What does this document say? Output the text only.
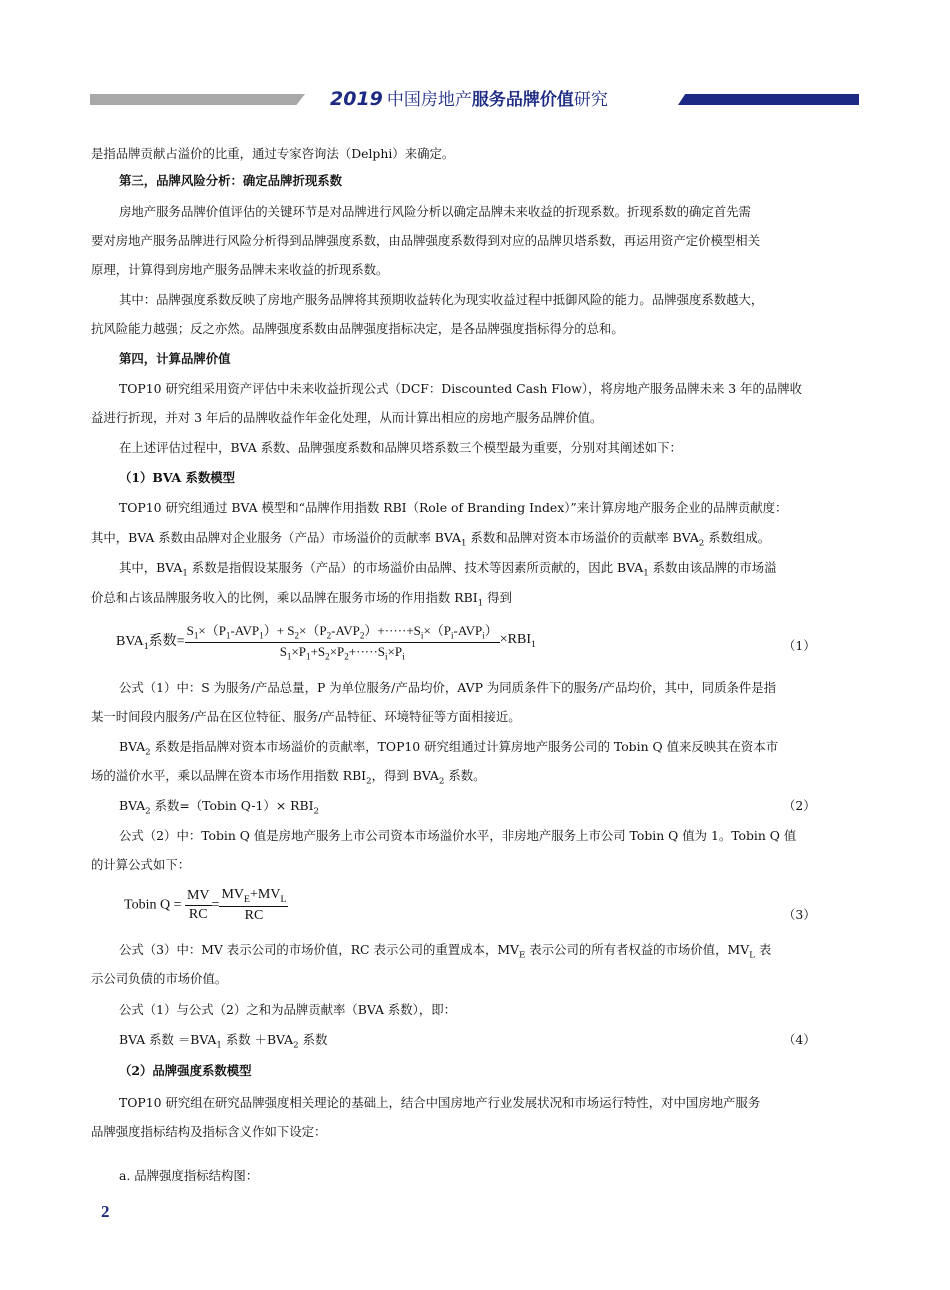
2019 中国房地产服务品牌价值研究
是指品牌贡献占溢价的比重，通过专家咨询法（Delphi）来确定。
第三，品牌风险分析：确定品牌折现系数
房地产服务品牌价值评估的关键环节是对品牌进行风险分析以确定品牌未来收益的折现系数。折现系数的确定首先需
要对房地产服务品牌进行风险分析得到品牌强度系数，由品牌强度系数得到对应的品牌贝塔系数，再运用资产定价模型相关
原理，计算得到房地产服务品牌未来收益的折现系数。
其中：品牌强度系数反映了房地产服务品牌将其预期收益转化为现实收益过程中抵御风险的能力。品牌强度系数越大，
抗风险能力越强；反之亦然。品牌强度系数由品牌强度指标决定，是各品牌强度指标得分的总和。
第四，计算品牌价值
TOP10 研究组采用资产评估中未来收益折现公式（DCF：Discounted Cash Flow），将房地产服务品牌未来 3 年的品牌收
益进行折现，并对 3 年后的品牌收益作年金化处理，从而计算出相应的房地产服务品牌价值。
在上述评估过程中，BVA 系数、品牌强度系数和品牌贝塔系数三个模型最为重要，分别对其阐述如下：
（1）BVA 系数模型
TOP10 研究组通过 BVA 模型和“品牌作用指数 RBI（Role of Branding Index）”来计算房地产服务企业的品牌贡献度：
其中，BVA 系数由品牌对企业服务（产品）市场溢价的贡献率 $BVA_1$ 系数和品牌对资本市场溢价的贡献率 $BVA_2$ 系数组成。
其中，$BVA_1$ 系数是指假设某服务（产品）的市场溢价由品牌、技术等因素所贡献的，因此 $BVA_1$ 系数由该品牌的市场溢
价总和占该品牌服务收入的比例，乘以品牌在服务市场的作用指数 $RBI_1$ 得到
$BVA_1$系数= $\frac{S_1\times(P_1-AVP_1)+ S_2\times(P_2-AVP_2)+\cdot\cdot\cdot\cdot\cdot+S_i\times(P_i-AVP_i)}{S_1\times P_1+S_2\times P_2+\cdot\cdot\cdot\cdot\cdot S_i\times P_i} \times RBI_1$	（1）
公式（1）中：S 为服务/产品总量，P 为单位服务/产品均价，AVP 为同质条件下的服务/产品均价，其中，同质条件是指
某一时间段内服务/产品在区位特征、服务/产品特征、环境特征等方面相接近。
$BVA_2$ 系数是指品牌对资本市场溢价的贡献率，TOP10 研究组通过计算房地产服务公司的 Tobin Q 值来反映其在资本市
场的溢价水平，乘以品牌在资本市场作用指数 $RBI_2$，得到 $BVA_2$ 系数。
$BVA_2$ 系数=（Tobin $Q-1)\times RBI_2$	（2）
公式（2）中：Tobin Q 值是房地产服务上市公司资本市场溢价水平，非房地产服务上市公司 Tobin Q 值为 1。Tobin Q 值
的计算公式如下：
Tobin $Q = \frac{MV}{RC} = \frac{MV_E+MV_L}{RC}$	（3）
公式（3）中：MV 表示公司的市场价值，RC 表示公司的重置成本，$MV_E$ 表示公司的所有者权益的市场价值，$MV_L$ 表
示公司负债的市场价值。
公式（1）与公式（2）之和为品牌贡献率（BVA 系数），即：
BVA 系数 $=BVA_1$ 系数 $+BVA_2$ 系数	（4）
（2）品牌强度系数模型
TOP10 研究组在研究品牌强度相关理论的基础上，结合中国房地产行业发展状况和市场运行特性，对中国房地产服务
品牌强度指标结构及指标含义作如下设定：
a. 品牌强度指标结构图：
2
